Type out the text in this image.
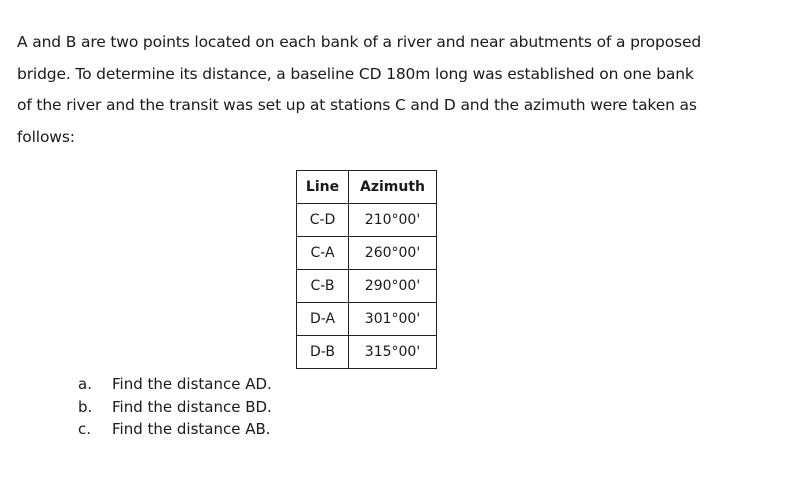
A and B are two points located on each bank of a river and near abutments of a proposed
bridge. To determine its distance, a baseline CD 180m long was established on one bank
of the river and the transit was set up at stations C and D and the azimuth were taken as
follows:

Line	Azimuth
C-D	210°00'
C-A	260°00'
C-B	290°00'
D-A	301°00'
D-B	315°00'
a. Find the distance AD.
b. Find the distance BD.
c. Find the distance AB.
